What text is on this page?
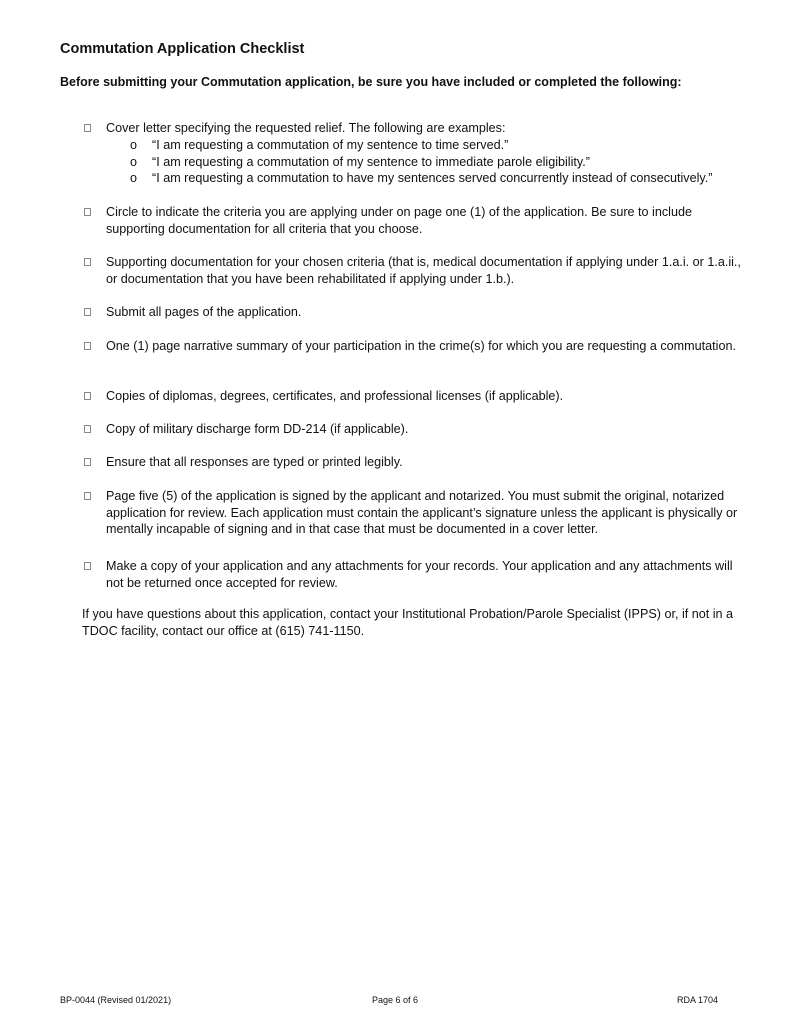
Commutation Application Checklist
Before submitting your Commutation application, be sure you have included or completed the following:
Cover letter specifying the requested relief. The following are examples:
o “I am requesting a commutation of my sentence to time served.”
o “I am requesting a commutation of my sentence to immediate parole eligibility.”
o “I am requesting a commutation to have my sentences served concurrently instead of consecutively.”
Circle to indicate the criteria you are applying under on page one (1) of the application. Be sure to include supporting documentation for all criteria that you choose.
Supporting documentation for your chosen criteria (that is, medical documentation if applying under 1.a.i. or 1.a.ii., or documentation that you have been rehabilitated if applying under 1.b.).
Submit all pages of the application.
One (1) page narrative summary of your participation in the crime(s) for which you are requesting a commutation.
Copies of diplomas, degrees, certificates, and professional licenses (if applicable).
Copy of military discharge form DD-214 (if applicable).
Ensure that all responses are typed or printed legibly.
Page five (5) of the application is signed by the applicant and notarized. You must submit the original, notarized application for review. Each application must contain the applicant’s signature unless the applicant is physically or mentally incapable of signing and in that case that must be documented in a cover letter.
Make a copy of your application and any attachments for your records. Your application and any attachments will not be returned once accepted for review.
If you have questions about this application, contact your Institutional Probation/Parole Specialist (IPPS) or, if not in a TDOC facility, contact our office at (615) 741-1150.
BP-0044 (Revised 01/2021)	Page 6 of 6	RDA 1704
